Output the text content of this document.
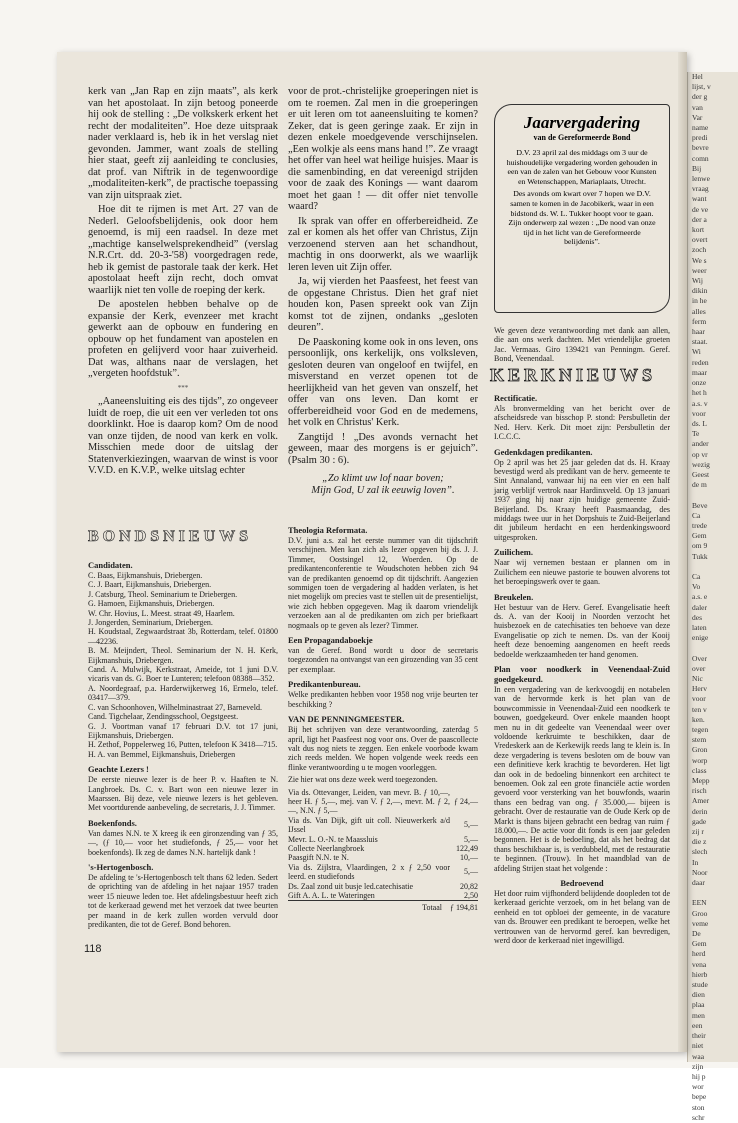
Hel
lijst, v
der g
van
Var
name
predi
bevre
comn
Bij
lenwe
vraag
want
de ve
der a
kort
overt
zoch
We s
weer
Wij
dikin
in he
alles
ferm
haar
staat.
Wi
reden
maar
onze
het h
a.s. v
voor
ds. L
Te
ander
op vr
wezig
Geest
de m

Beve
Ca
trede
Gem
om 9
Tukk

Ca
Vo
a.s. e
daler
des
laten
enige

Over
over
Nic
Herv
voor
ten v
ken.
tegen
stem
Gron
worp
class
Mepp
risch
Amer
derin
gade
zij r
die z
slech
In
Noor
daar

EEN
Groo
veme
De
Gem
herd
vena
hierb
stude
dien
plaa
men
een
their
niet
waa
zijn
hij p
wor
bepe
ston
schr

kerk van „Jan Rap en zijn maats”, als kerk van het apostolaat. In zijn betoog poneerde hij ook de stelling : „De volkskerk erkent het recht der modaliteiten”. Hoe deze uitspraak nader verklaard is, heb ik in het verslag niet gevonden. Jammer, want zoals de stelling hier staat, geeft zij aanleiding te conclusies, dat prof. van Niftrik in de tegenwoordige „modaliteiten-kerk”, de practische toepassing van zijn uitspraak ziet.

Hoe dit te rijmen is met Art. 27 van de Nederl. Geloofsbelijdenis, ook door hem genoemd, is mij een raadsel. In deze met „machtige kanselwelsprekendheid” (verslag N.R.Crt. dd. 20-3-'58) voorgedragen rede, heb ik gemist de pastorale taak der kerk. Het apostolaat heeft zijn recht, doch omvat waarlijk niet ten volle de roeping der kerk.

De apostelen hebben behalve op de expansie der Kerk, evenzeer met kracht gewerkt aan de opbouw en fundering en opbouw op het fundament van apostelen en profeten en gelijverd voor haar zuiverheid. Dat was, althans naar de verslagen, het „vergeten hoofdstuk”.

***

„Aaneensluiting eis des tijds”, zo ongeveer luidt de roep, die uit een ver verleden tot ons doorklinkt. Hoe is daarop kom? Om de nood van onze tijden, de nood van kerk en volk. Misschien mede door de uitslag der Statenverkiezingen, waarvan de winst is voor V.V.D. en K.V.P., welke uitslag echter

voor de prot.-christelijke groeperingen niet is om te roemen. Zal men in die groeperingen er uit leren om tot aaneensluiting te komen? Zeker, dat is geen geringe zaak. Er zijn in dezen enkele moedgevende verschijnselen. „Een wolkje als eens mans hand !”. Ze vraagt het offer van heel wat heilige huisjes. Maar is die samenbinding, en dat vereenigd strijden voor de zaak des Konings — want daarom moet het gaan ! — dit offer niet tenvolle waard?

Ik sprak van offer en offerbereidheid. Ze zal er komen als het offer van Christus, Zijn verzoenend sterven aan het schandhout, machtig in ons doorwerkt, als we waarlijk leren leven uit Zijn offer.

Ja, wij vierden het Paasfeest, het feest van de opgestane Christus. Dien het graf niet houden kon, Pasen spreekt ook van Zijn komst tot de zijnen, ondanks „gesloten deuren”.

De Paaskoning kome ook in ons leven, ons persoonlijk, ons kerkelijk, ons volksleven, gesloten deuren van ongeloof en twijfel, en misverstand en verzet openen tot de heerlijkheid van het geven van onszelf, het offer van ons leven. Dan komt er offerbereidheid voor God en de medemens, het volk en Christus' Kerk.

Zangtijd ! „Des avonds vernacht het geween, maar des morgens is er gejuich”. (Psalm 30 : 6).

„Zo klimt uw lof naar boven;
Mijn God, U zal ik eeuwig loven”.
Jaarvergadering
van de Gereformeerde Bond

D.V. 23 april zal des middags om 3 uur de huishoudelijke vergadering worden gehouden in een van de zalen van het Gebouw voor Kunsten en Wetenschappen, Mariaplaats, Utrecht.

Des avonds om kwart over 7 hopen we D.V. samen te komen in de Jacobikerk, waar in een bidstond ds. W. L. Tukker hoopt voor te gaan. Zijn onderwerp zal wezen : „De nood van onze tijd in het licht van de Gereformeerde belijdenis”.

We geven deze verantwoording met dank aan allen, die aan ons werk dachten. Met vriendelijke groeten Jac. Vermaas. Giro 139421 van Penningm. Geref. Bond, Veenendaal.

KERKNIEUWS
Rectificatie.

Als bronvermelding van het bericht over de afscheidsrede van bisschop P. stond: Persbulletin der Ned. Herv. Kerk. Dit moet zijn: Persbulletin der I.C.C.C.

Gedenkdagen predikanten.

Op 2 april was het 25 jaar geleden dat ds. H. Kraay bevestigd werd als predikant van de herv. gemeente te Sint Annaland, vanwaar hij na een vier en een half jarig verblijf vertrok naar Hardinxveld. Op 13 januari 1937 ging hij naar zijn huidige gemeente Zuid-Beijerland. Ds. Kraay heeft Paasmaandag, des middags twee uur in het Dorpshuis te Zuid-Beijerland dit jubileum herdacht en een herdenkingswoord uitgesproken.

Zuilichem.

Naar wij vernemen bestaan er plannen om in Zuilichem een nieuwe pastorie te bouwen alvorens tot het beroepingswerk over te gaan.

Breukelen.

Het bestuur van de Herv. Geref. Evangelisatie heeft ds. A. van der Kooij in Noorden verzocht het huisbezoek en de catechisaties ten behoeve van deze Evangelisatie op zich te nemen. Ds. van der Kooij heeft deze benoeming aangenomen en heeft reeds bedoelde werkzaamheden ter hand genomen.

Plan voor noodkerk in Veenendaal-Zuid goedgekeurd.

In een vergadering van de kerkvoogdij en notabelen van de hervormde kerk is het plan van de bouwcommissie in Veenendaal-Zuid een noodkerk te bouwen, goedgekeurd. Over enkele maanden hoopt men nu in dit gedeelte van Veenendaal weer over voldoende kerkruimte te beschikken, daar de Vredeskerk aan de Kerkewijk reeds lang te klein is. In deze vergadering is tevens besloten om de bouw van een definitieve kerk krachtig te bevorderen. Het ligt dan ook in de bedoeling binnenkort een architect te benoemen. Ook zal een grote financiële actie worden gevoerd voor versterking van het bouwfonds, waarin thans een bedrag van ong. ƒ 35.000,— bijeen is gebracht. Over de restauratie van de Oude Kerk op de Markt is thans bijeen gebracht een bedrag van ruim ƒ 18.000,—. De actie voor dit fonds is een jaar geleden begonnen. Het is de bedoeling, dat als het bedrag dat thans beschikbaar is, is verdubbeld, met de restauratie te beginnen. (Trouw). In het maandblad van de afdeling Strijen staat het volgende :

Bedroevend

Het door ruim vijfhonderd belijdende doopleden tot de kerkeraad gerichte verzoek, om in het belang van de eenheid en tot opbloei der gemeente, in de vacature van ds. Brouwer een predikant te beroepen, welke het vertrouwen van de hervormd geref. kan bevredigen, werd door de kerkeraad niet ingewilligd.

BONDSNIEUWS
Candidaten.
C. Baas, Eijkmanshuis, Driebergen.
C. J. Baart, Eijkmanshuis, Driebergen.
J. Catsburg, Theol. Seminarium te Driebergen.
G. Hamoen, Eijkmanshuis, Driebergen.
W. Chr. Hovius, L. Meest. straat 49, Haarlem.
J. Jongerden, Seminarium, Driebergen.
H. Koudstaal, Zegwaardstraat 3b, Rotterdam, telef. 01800—42236.
B. M. Meijndert, Theol. Seminarium der N. H. Kerk, Eijkmanshuis, Driebergen.
Cand. A. Mulwijk, Kerkstraat, Ameide, tot 1 juni D.V. vicaris van ds. G. Boer te Lunteren; telefoon 08388—352.
A. Noordegraaf, p.a. Harderwijkerweg 16, Ermelo, telef. 03417—379.
C. van Schoonhoven, Wilhelminastraat 27, Barneveld.
Cand. Tigchelaar, Zendingsschool, Oegstgeest.
G. J. Voortman vanaf 17 februari D.V. tot 17 juni, Eijkmanshuis, Driebergen.
H. Zethof, Poppelerweg 16, Putten, telefoon K 3418—715.
H. A. van Bemmel, Eijkmanshuis, Driebergen
Geachte Lezers !

De eerste nieuwe lezer is de heer P. v. Haaften te N. Langbroek. Ds. C. v. Bart won een nieuwe lezer in Maarssen. Bij deze, vele nieuwe lezers is het gebleven. Met voortdurende aanbeveling, de secretaris, J. J. Timmer.

Boekenfonds.

Van dames N.N. te X kreeg ik een gironzending van ƒ 35,—, (ƒ 10,— voor het studiefonds, ƒ 25,— voor het boekenfonds). Ik zeg de dames N.N. hartelijk dank !

's-Hertogenbosch.

De afdeling te 's-Hertogenbosch telt thans 62 leden. Sedert de oprichting van de afdeling in het najaar 1957 traden weer 15 nieuwe leden toe. Het afdelingsbestuur heeft zich tot de kerkeraad gewend met het verzoek dat twee beurten per maand in de kerk zullen worden vervuld door predikanten, die tot de Geref. Bond behoren.

Theologia Reformata.

D.V. juni a.s. zal het eerste nummer van dit tijdschrift verschijnen. Men kan zich als lezer opgeven bij ds. J. J. Timmer, Oostsingel 12, Woerden. Op de predikantenconferentie te Woudschoten hebben zich 94 van de predikanten genoemd op dit tijdschrift. Aangezien sommigen toen de vergadering al hadden verlaten, is het niet mogelijk om precies vast te stellen uit de presentielijst, wie zich hebben opgegeven. Mag ik daarom vriendelijk verzoeken aan al de predikanten om zich per briefkaart nogmaals op te geven als lezer? Timmer.

Een Propagandaboekje

van de Geref. Bond wordt u door de secretaris toegezonden na ontvangst van een girozending van 35 cent per exemplaar.

Predikantenbureau.

Welke predikanten hebben voor 1958 nog vrije beurten ter beschikking ?

VAN DE PENNINGMEESTER.

Bij het schrijven van deze verantwoording, zaterdag 5 april, ligt het Paasfeest nog voor ons. Over de paascollecte valt dus nog niets te zeggen. Een enkele voorbode kwam zich reeds melden. We hopen volgende week reeds een flinke verantwoording u te mogen voorleggen.

Zie hier wat ons deze week werd toegezonden.

Via ds. Ottevanger, Leiden, van mevr. B. ƒ 10,—, heer H. ƒ 5,—, mej. van V. ƒ 2,—, mevr. M. ƒ 2,—, N.N. ƒ 5,—	ƒ 24,—
Via ds. Van Dijk, gift uit coll. Nieuwerkerk a/d IJssel	5,—
Mevr. L. O.-N. te Maassluis	5,—
Collecte Neerlangbroek	122,49
Paasgift N.N. te N.	10,—
Via ds. Zijlstra, Vlaardingen, 2 x ƒ 2,50 voor leerd. en studiefonds	5,—
Ds. Zaal zond uit busje led.catechisatie	20,82
Gift A. A. L. te Wateringen	2,50
Totaal	ƒ 194,81
118
